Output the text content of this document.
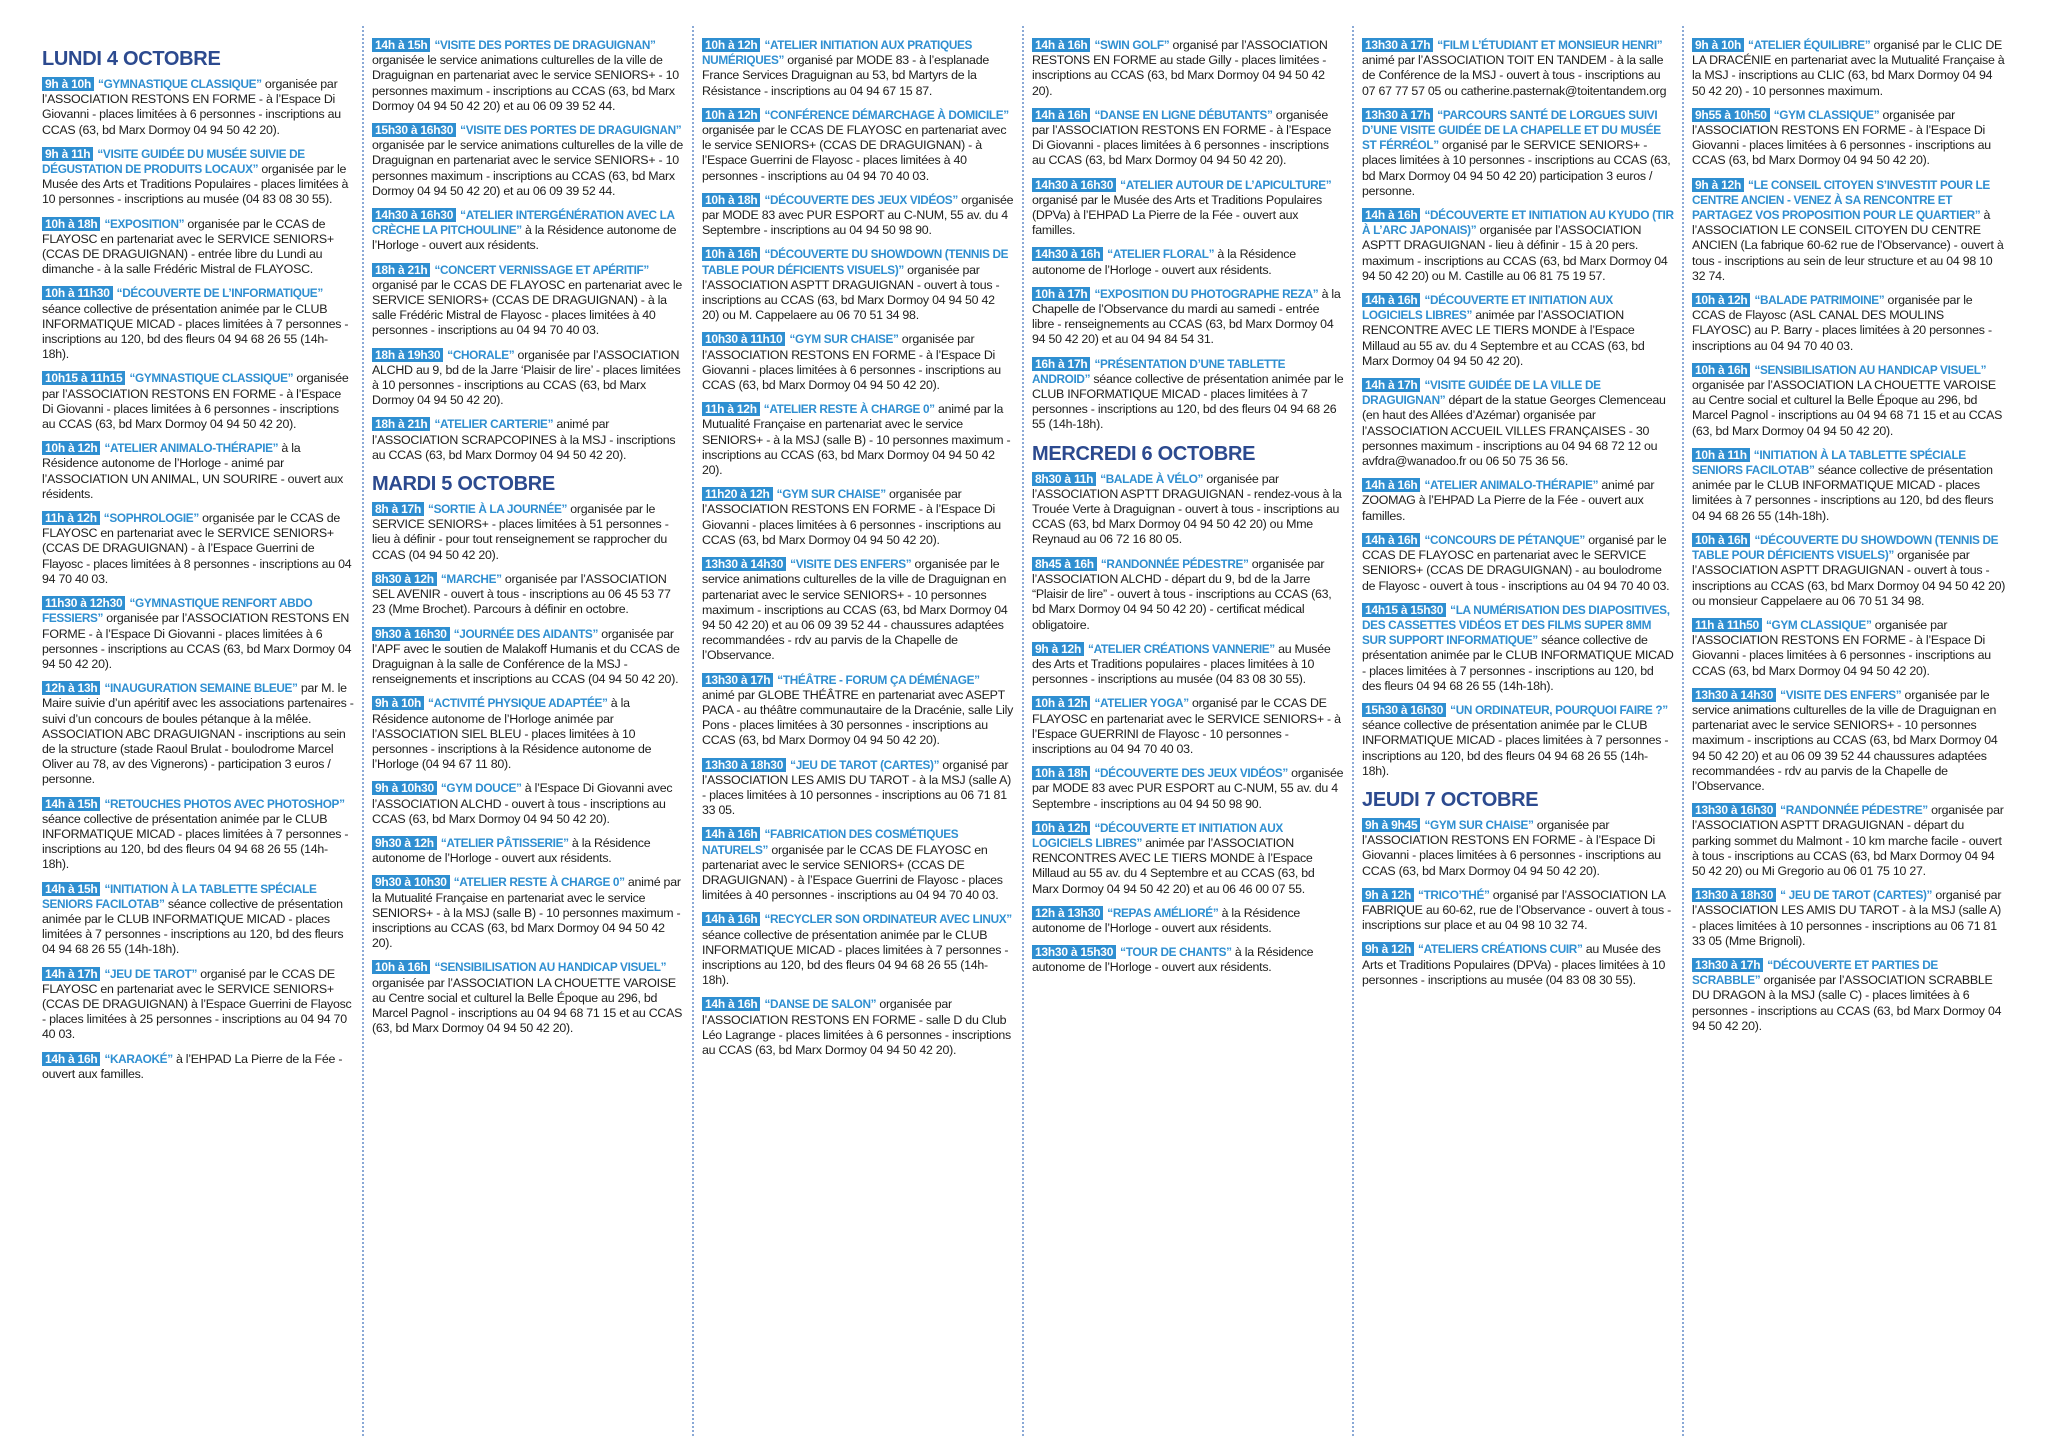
LUNDI 4 OCTOBRE
9h à 10h “GYMNASTIQUE CLASSIQUE” organisée par l’ASSOCIATION RESTONS EN FORME - à l’Espace Di Giovanni - places limitées à 6 personnes - inscriptions au CCAS (63, bd Marx Dormoy 04 94 50 42 20).
9h à 11h “VISITE GUIDÉE DU MUSÉE SUIVIE DE DÉGUSTATION DE PRODUITS LOCAUX” organisée par le Musée des Arts et Traditions Populaires - places limitées à 10 personnes - inscriptions au musée (04 83 08 30 55).
10h à 18h “EXPOSITION” organisée par le CCAS de FLAYOSC en partenariat avec le SERVICE SENIORS+ (CCAS DE DRAGUIGNAN) - entrée libre du Lundi au dimanche - à la salle Frédéric Mistral de FLAYOSC.
10h à 11h30 “DÉCOUVERTE DE L’INFORMATIQUE” séance collective de présentation animée par le CLUB INFORMATIQUE MICAD - places limitées à 7 personnes - inscriptions au 120, bd des fleurs 04 94 68 26 55 (14h-18h).
10h15 à 11h15 “GYMNASTIQUE CLASSIQUE” organisée par l’ASSOCIATION RESTONS EN FORME - à l’Espace Di Giovanni - places limitées à 6 personnes - inscriptions au CCAS (63, bd Marx Dormoy 04 94 50 42 20).
10h à 12h “ATELIER ANIMALO-THÉRAPIE” à la Résidence autonome de l’Horloge - animé par l’ASSOCIATION UN ANIMAL, UN SOURIRE - ouvert aux résidents.
11h à 12h “SOPHROLOGIE” organisée par le CCAS de FLAYOSC en partenariat avec le SERVICE SENIORS+ (CCAS DE DRAGUIGNAN) - à l’Espace Guerrini de Flayosc - places limitées à 8 personnes - inscriptions au 04 94 70 40 03.
11h30 à 12h30 “GYMNASTIQUE RENFORT ABDO FESSIERS” organisée par l’ASSOCIATION RESTONS EN FORME - à l’Espace Di Giovanni - places limitées à 6 personnes - inscriptions au CCAS (63, bd Marx Dormoy 04 94 50 42 20).
12h à 13h “INAUGURATION SEMAINE BLEUE” par M. le Maire suivie d’un apéritif avec les associations partenaires - suivi d’un concours de boules pétanque à la mêlée. ASSOCIATION ABC DRAGUIGNAN - inscriptions au sein de la structure (stade Raoul Brulat - boulodrome Marcel Oliver au 78, av des Vignerons) - participation 3 euros / personne.
14h à 15h “RETOUCHES PHOTOS AVEC PHOTOSHOP” séance collective de présentation animée par le CLUB INFORMATIQUE MICAD - places limitées à 7 personnes - inscriptions au 120, bd des fleurs 04 94 68 26 55 (14h-18h).
14h à 15h “INITIATION À LA TABLETTE SPÉCIALE SENIORS FACILOTAB” séance collective de présentation animée par le CLUB INFORMATIQUE MICAD - places limitées à 7 personnes - inscriptions au 120, bd des fleurs 04 94 68 26 55 (14h-18h).
14h à 17h “JEU DE TAROT” organisé par le CCAS DE FLAYOSC en partenariat avec le SERVICE SENIORS+ (CCAS DE DRAGUIGNAN) à l’Espace Guerrini de Flayosc - places limitées à 25 personnes - inscriptions au 04 94 70 40 03.
14h à 16h “KARAOKÉ” à l’EHPAD La Pierre de la Fée - ouvert aux familles.
14h à 15h “VISITE DES PORTES DE DRAGUIGNAN” organisée le service animations culturelles de la ville de Draguignan en partenariat avec le service SENIORS+ - 10 personnes maximum - inscriptions au CCAS (63, bd Marx Dormoy 04 94 50 42 20) et au 06 09 39 52 44.
15h30 à 16h30 “VISITE DES PORTES DE DRAGUIGNAN” organisée par le service animations culturelles de la ville de Draguignan en partenariat avec le service SENIORS+ - 10 personnes maximum - inscriptions au CCAS (63, bd Marx Dormoy 04 94 50 42 20) et au 06 09 39 52 44.
14h30 à 16h30 “ATELIER INTERGÉNÉRATION AVEC LA CRÈCHE LA PITCHOULINE” à la Résidence autonome de l’Horloge - ouvert aux résidents.
18h à 21h “CONCERT VERNISSAGE ET APÉRITIF” organisé par le CCAS DE FLAYOSC en partenariat avec le SERVICE SENIORS+ (CCAS DE DRAGUIGNAN) - à la salle Frédéric Mistral de Flayosc - places limitées à 40 personnes - inscriptions au 04 94 70 40 03.
18h à 19h30 “CHORALE” organisée par l’ASSOCIATION ALCHD au 9, bd de la Jarre ‘Plaisir de lire’ - places limitées à 10 personnes - inscriptions au CCAS (63, bd Marx Dormoy 04 94 50 42 20).
18h à 21h “ATELIER CARTERIE” animé par l’ASSOCIATION SCRAPCOPINES à la MSJ - inscriptions au CCAS (63, bd Marx Dormoy 04 94 50 42 20).
MARDI 5 OCTOBRE
8h à 17h “SORTIE À LA JOURNÉE” organisée par le SERVICE SENIORS+ - places limitées à 51 personnes - lieu à définir - pour tout renseignement se rapprocher du CCAS (04 94 50 42 20).
8h30 à 12h “MARCHE” organisée par l’ASSOCIATION SEL AVENIR - ouvert à tous - inscriptions au 06 45 53 77 23 (Mme Brochet). Parcours à définir en octobre.
9h30 à 16h30 “JOURNÉE DES AIDANTS” organisée par l’APF avec le soutien de Malakoff Humanis et du CCAS de Draguignan à la salle de Conférence de la MSJ - renseignements et inscriptions au CCAS (04 94 50 42 20).
9h à 10h “ACTIVITÉ PHYSIQUE ADAPTÉE” à la Résidence autonome de l’Horloge animée par l’ASSOCIATION SIEL BLEU - places limitées à 10 personnes - inscriptions à la Résidence autonome de l’Horloge (04 94 67 11 80).
9h à 10h30 “GYM DOUCE” à l’Espace Di Giovanni avec l’ASSOCIATION ALCHD - ouvert à tous - inscriptions au CCAS (63, bd Marx Dormoy 04 94 50 42 20).
9h30 à 12h “ATELIER PÂTISSERIE” à la Résidence autonome de l’Horloge - ouvert aux résidents.
9h30 à 10h30 “ATELIER RESTE À CHARGE 0” animé par la Mutualité Française en partenariat avec le service SENIORS+ - à la MSJ (salle B) - 10 personnes maximum - inscriptions au CCAS (63, bd Marx Dormoy 04 94 50 42 20).
10h à 16h “SENSIBILISATION AU HANDICAP VISUEL” organisée par l’ASSOCIATION LA CHOUETTE VAROISE au Centre social et culturel la Belle Époque au 296, bd Marcel Pagnol - inscriptions au 04 94 68 71 15 et au CCAS (63, bd Marx Dormoy 04 94 50 42 20).
10h à 12h “ATELIER INITIATION AUX PRATIQUES NUMÉRIQUES” organisé par MODE 83 - à l’esplanade France Services Draguignan au 53, bd Martyrs de la Résistance - inscriptions au 04 94 67 15 87.
10h à 12h “CONFÉRENCE DÉMARCHAGE À DOMICILE” organisée par le CCAS DE FLAYOSC en partenariat avec le service SENIORS+ (CCAS DE DRAGUIGNAN) - à l’Espace Guerrini de Flayosc - places limitées à 40 personnes - inscriptions au 04 94 70 40 03.
10h à 18h “DÉCOUVERTE DES JEUX VIDÉOS” organisée par MODE 83 avec PUR ESPORT au C-NUM, 55 av. du 4 Septembre - inscriptions au 04 94 50 98 90.
10h à 16h “DÉCOUVERTE DU SHOWDOWN (TENNIS DE TABLE POUR DÉFICIENTS VISUELS)” organisée par l’ASSOCIATION ASPTT DRAGUIGNAN - ouvert à tous - inscriptions au CCAS (63, bd Marx Dormoy 04 94 50 42 20) ou M. Cappelaere au 06 70 51 34 98.
10h30 à 11h10 “GYM SUR CHAISE” organisée par l’ASSOCIATION RESTONS EN FORME - à l’Espace Di Giovanni - places limitées à 6 personnes - inscriptions au CCAS (63, bd Marx Dormoy 04 94 50 42 20).
11h à 12h “ATELIER RESTE À CHARGE 0” animé par la Mutualité Française en partenariat avec le service SENIORS+ - à la MSJ (salle B) - 10 personnes maximum - inscriptions au CCAS (63, bd Marx Dormoy 04 94 50 42 20).
11h20 à 12h “GYM SUR CHAISE” organisée par l’ASSOCIATION RESTONS EN FORME - à l’Espace Di Giovanni - places limitées à 6 personnes - inscriptions au CCAS (63, bd Marx Dormoy 04 94 50 42 20).
13h30 à 14h30 “VISITE DES ENFERS” organisée par le service animations culturelles de la ville de Draguignan en partenariat avec le service SENIORS+ - 10 personnes maximum - inscriptions au CCAS (63, bd Marx Dormoy 04 94 50 42 20) et au 06 09 39 52 44 - chaussures adaptées recommandées - rdv au parvis de la Chapelle de l’Observance.
13h30 à 17h “THÉÂTRE - FORUM ÇA DÉMÉNAGE” animé par GLOBE THÉÂTRE en partenariat avec ASEPT PACA - au théâtre communautaire de la Dracénie, salle Lily Pons - places limitées à 30 personnes - inscriptions au CCAS (63, bd Marx Dormoy 04 94 50 42 20).
13h30 à 18h30 “JEU DE TAROT (CARTES)” organisé par l’ASSOCIATION LES AMIS DU TAROT - à la MSJ (salle A) - places limitées à 10 personnes - inscriptions au 06 71 81 33 05.
14h à 16h “FABRICATION DES COSMÉTIQUES NATURELS” organisée par le CCAS DE FLAYOSC en partenariat avec le service SENIORS+ (CCAS DE DRAGUIGNAN) - à l’Espace Guerrini de Flayosc - places limitées à 40 personnes - inscriptions au 04 94 70 40 03.
14h à 16h “RECYCLER SON ORDINATEUR AVEC LINUX” séance collective de présentation animée par le CLUB INFORMATIQUE MICAD - places limitées à 7 personnes - inscriptions au 120, bd des fleurs 04 94 68 26 55 (14h-18h).
14h à 16h “DANSE DE SALON” organisée par l’ASSOCIATION RESTONS EN FORME - salle D du Club Léo Lagrange - places limitées à 6 personnes - inscriptions au CCAS (63, bd Marx Dormoy 04 94 50 42 20).
14h à 16h “SWIN GOLF” organisé par l’ASSOCIATION RESTONS EN FORME au stade Gilly - places limitées - inscriptions au CCAS (63, bd Marx Dormoy 04 94 50 42 20).
14h à 16h “DANSE EN LIGNE DÉBUTANTS” organisée par l’ASSOCIATION RESTONS EN FORME - à l’Espace Di Giovanni - places limitées à 6 personnes - inscriptions au CCAS (63, bd Marx Dormoy 04 94 50 42 20).
14h30 à 16h30 “ATELIER AUTOUR DE L’APICULTURE” organisé par le Musée des Arts et Traditions Populaires (DPVa) à l’EHPAD La Pierre de la Fée - ouvert aux familles.
14h30 à 16h “ATELIER FLORAL” à la Résidence autonome de l’Horloge - ouvert aux résidents.
10h à 17h “EXPOSITION DU PHOTOGRAPHE REZA” à la Chapelle de l’Observance du mardi au samedi - entrée libre - renseignements au CCAS (63, bd Marx Dormoy 04 94 50 42 20) et au 04 94 84 54 31.
16h à 17h “PRÉSENTATION D’UNE TABLETTE ANDROID” séance collective de présentation animée par le CLUB INFORMATIQUE MICAD - places limitées à 7 personnes - inscriptions au 120, bd des fleurs 04 94 68 26 55 (14h-18h).
MERCREDI 6 OCTOBRE
8h30 à 11h “BALADE À VÉLO” organisée par l’ASSOCIATION ASPTT DRAGUIGNAN - rendez-vous à la Trouée Verte à Draguignan - ouvert à tous - inscriptions au CCAS (63, bd Marx Dormoy 04 94 50 42 20) ou Mme Reynaud au 06 72 16 80 05.
8h45 à 16h “RANDONNÉE PÉDESTRE” organisée par l’ASSOCIATION ALCHD - départ du 9, bd de la Jarre “Plaisir de lire” - ouvert à tous - inscriptions au CCAS (63, bd Marx Dormoy 04 94 50 42 20) - certificat médical obligatoire.
9h à 12h “ATELIER CRÉATIONS VANNERIE” au Musée des Arts et Traditions populaires - places limitées à 10 personnes - inscriptions au musée (04 83 08 30 55).
10h à 12h “ATELIER YOGA” organisé par le CCAS DE FLAYOSC en partenariat avec le SERVICE SENIORS+ - à l’Espace GUERRINI de Flayosc - 10 personnes - inscriptions au 04 94 70 40 03.
10h à 18h “DÉCOUVERTE DES JEUX VIDÉOS” organisée par MODE 83 avec PUR ESPORT au C-NUM, 55 av. du 4 Septembre - inscriptions au 04 94 50 98 90.
10h à 12h “DÉCOUVERTE ET INITIATION AUX LOGICIELS LIBRES” animée par l’ASSOCIATION RENCONTRES AVEC LE TIERS MONDE à l’Espace Millaud au 55 av. du 4 Septembre et au CCAS (63, bd Marx Dormoy 04 94 50 42 20) et au 06 46 00 07 55.
12h à 13h30 “REPAS AMÉLIORÉ” à la Résidence autonome de l’Horloge - ouvert aux résidents.
13h30 à 15h30 “TOUR DE CHANTS” à la Résidence autonome de l’Horloge - ouvert aux résidents.
13h30 à 17h “FILM L’ÉTUDIANT ET MONSIEUR HENRI” animé par l’ASSOCIATION TOIT EN TANDEM - à la salle de Conférence de la MSJ - ouvert à tous - inscriptions au 07 67 77 57 05 ou catherine.pasternak@toitentandem.org
13h30 à 17h “PARCOURS SANTÉ DE LORGUES SUIVI D’UNE VISITE GUIDÉE DE LA CHAPELLE ET DU MUSÉE ST FÉRRÉOL” organisé par le SERVICE SENIORS+ - places limitées à 10 personnes - inscriptions au CCAS (63, bd Marx Dormoy 04 94 50 42 20) participation 3 euros / personne.
14h à 16h “DÉCOUVERTE ET INITIATION AU KYUDO (TIR À L’ARC JAPONAIS)” organisée par l’ASSOCIATION ASPTT DRAGUIGNAN - lieu à définir - 15 à 20 pers. maximum - inscriptions au CCAS (63, bd Marx Dormoy 04 94 50 42 20) ou M. Castille au 06 81 75 19 57.
14h à 16h “DÉCOUVERTE ET INITIATION AUX LOGICIELS LIBRES” animée par l’ASSOCIATION RENCONTRE AVEC LE TIERS MONDE à l’Espace Millaud au 55 av. du 4 Septembre et au CCAS (63, bd Marx Dormoy 04 94 50 42 20).
14h à 17h “VISITE GUIDÉE DE LA VILLE DE DRAGUIGNAN” départ de la statue Georges Clemenceau (en haut des Allées d’Azémar) organisée par l’ASSOCIATION ACCUEIL VILLES FRANÇAISES - 30 personnes maximum - inscriptions au 04 94 68 72 12 ou avfdra@wanadoo.fr ou 06 50 75 36 56.
14h à 16h “ATELIER ANIMALO-THÉRAPIE” animé par ZOOMAG à l’EHPAD La Pierre de la Fée - ouvert aux familles.
14h à 16h “CONCOURS DE PÉTANQUE” organisé par le CCAS DE FLAYOSC en partenariat avec le SERVICE SENIORS+ (CCAS DE DRAGUIGNAN) - au boulodrome de Flayosc - ouvert à tous - inscriptions au 04 94 70 40 03.
14h15 à 15h30 “LA NUMÉRISATION DES DIAPOSITIVES, DES CASSETTES VIDÉOS ET DES FILMS SUPER 8MM SUR SUPPORT INFORMATIQUE” séance collective de présentation animée par le CLUB INFORMATIQUE MICAD - places limitées à 7 personnes - inscriptions au 120, bd des fleurs 04 94 68 26 55 (14h-18h).
15h30 à 16h30 “UN ORDINATEUR, POURQUOI FAIRE ?” séance collective de présentation animée par le CLUB INFORMATIQUE MICAD - places limitées à 7 personnes - inscriptions au 120, bd des fleurs 04 94 68 26 55 (14h-18h).
JEUDI 7 OCTOBRE
9h à 9h45 “GYM SUR CHAISE” organisée par l’ASSOCIATION RESTONS EN FORME - à l’Espace Di Giovanni - places limitées à 6 personnes - inscriptions au CCAS (63, bd Marx Dormoy 04 94 50 42 20).
9h à 12h “TRICO’THÉ” organisé par l’ASSOCIATION LA FABRIQUE au 60-62, rue de l’Observance - ouvert à tous - inscriptions sur place et au 04 98 10 32 74.
9h à 12h “ATELIERS CRÉATIONS CUIR” au Musée des Arts et Traditions Populaires (DPVa) - places limitées à 10 personnes - inscriptions au musée (04 83 08 30 55).
9h à 10h “ATELIER ÉQUILIBRE” organisé par le CLIC DE LA DRACÉNIE en partenariat avec la Mutualité Française à la MSJ - inscriptions au CLIC (63, bd Marx Dormoy 04 94 50 42 20) - 10 personnes maximum.
9h55 à 10h50 “GYM CLASSIQUE” organisée par l’ASSOCIATION RESTONS EN FORME - à l’Espace Di Giovanni - places limitées à 6 personnes - inscriptions au CCAS (63, bd Marx Dormoy 04 94 50 42 20).
9h à 12h “LE CONSEIL CITOYEN S’INVESTIT POUR LE CENTRE ANCIEN - VENEZ À SA RENCONTRE ET PARTAGEZ VOS PROPOSITION POUR LE QUARTIER” à l’ASSOCIATION LE CONSEIL CITOYEN DU CENTRE ANCIEN (La fabrique 60-62 rue de l’Observance) - ouvert à tous - inscriptions au sein de leur structure et au 04 98 10 32 74.
10h à 12h “BALADE PATRIMOINE” organisée par le CCAS de Flayosc (ASL CANAL DES MOULINS FLAYOSC) au P. Barry - places limitées à 20 personnes - inscriptions au 04 94 70 40 03.
10h à 16h “SENSIBILISATION AU HANDICAP VISUEL” organisée par l’ASSOCIATION LA CHOUETTE VAROISE au Centre social et culturel la Belle Époque au 296, bd Marcel Pagnol - inscriptions au 04 94 68 71 15 et au CCAS (63, bd Marx Dormoy 04 94 50 42 20).
10h à 11h “INITIATION À LA TABLETTE SPÉCIALE SENIORS FACILOTAB” séance collective de présentation animée par le CLUB INFORMATIQUE MICAD - places limitées à 7 personnes - inscriptions au 120, bd des fleurs 04 94 68 26 55 (14h-18h).
10h à 16h “DÉCOUVERTE DU SHOWDOWN (TENNIS DE TABLE POUR DÉFICIENTS VISUELS)” organisée par l’ASSOCIATION ASPTT DRAGUIGNAN - ouvert à tous - inscriptions au CCAS (63, bd Marx Dormoy 04 94 50 42 20) ou monsieur Cappelaere au 06 70 51 34 98.
11h à 11h50 “GYM CLASSIQUE” organisée par l’ASSOCIATION RESTONS EN FORME - à l’Espace Di Giovanni - places limitées à 6 personnes - inscriptions au CCAS (63, bd Marx Dormoy 04 94 50 42 20).
13h30 à 14h30 “VISITE DES ENFERS” organisée par le service animations culturelles de la ville de Draguignan en partenariat avec le service SENIORS+ - 10 personnes maximum - inscriptions au CCAS (63, bd Marx Dormoy 04 94 50 42 20) et au 06 09 39 52 44 chaussures adaptées recommandées - rdv au parvis de la Chapelle de l’Observance.
13h30 à 16h30 “RANDONNÉE PÉDESTRE” organisée par l’ASSOCIATION ASPTT DRAGUIGNAN - départ du parking sommet du Malmont - 10 km marche facile - ouvert à tous - inscriptions au CCAS (63, bd Marx Dormoy 04 94 50 42 20) ou Mi Gregorio au 06 01 75 10 27.
13h30 à 18h30 “ JEU DE TAROT (CARTES)” organisé par l’ASSOCIATION LES AMIS DU TAROT - à la MSJ (salle A) - places limitées à 10 personnes - inscriptions au 06 71 81 33 05 (Mme Brignoli).
13h30 à 17h “DÉCOUVERTE ET PARTIES DE SCRABBLE” organisée par l’ASSOCIATION SCRABBLE DU DRAGON à la MSJ (salle C) - places limitées à 6 personnes - inscriptions au CCAS (63, bd Marx Dormoy 04 94 50 42 20).
